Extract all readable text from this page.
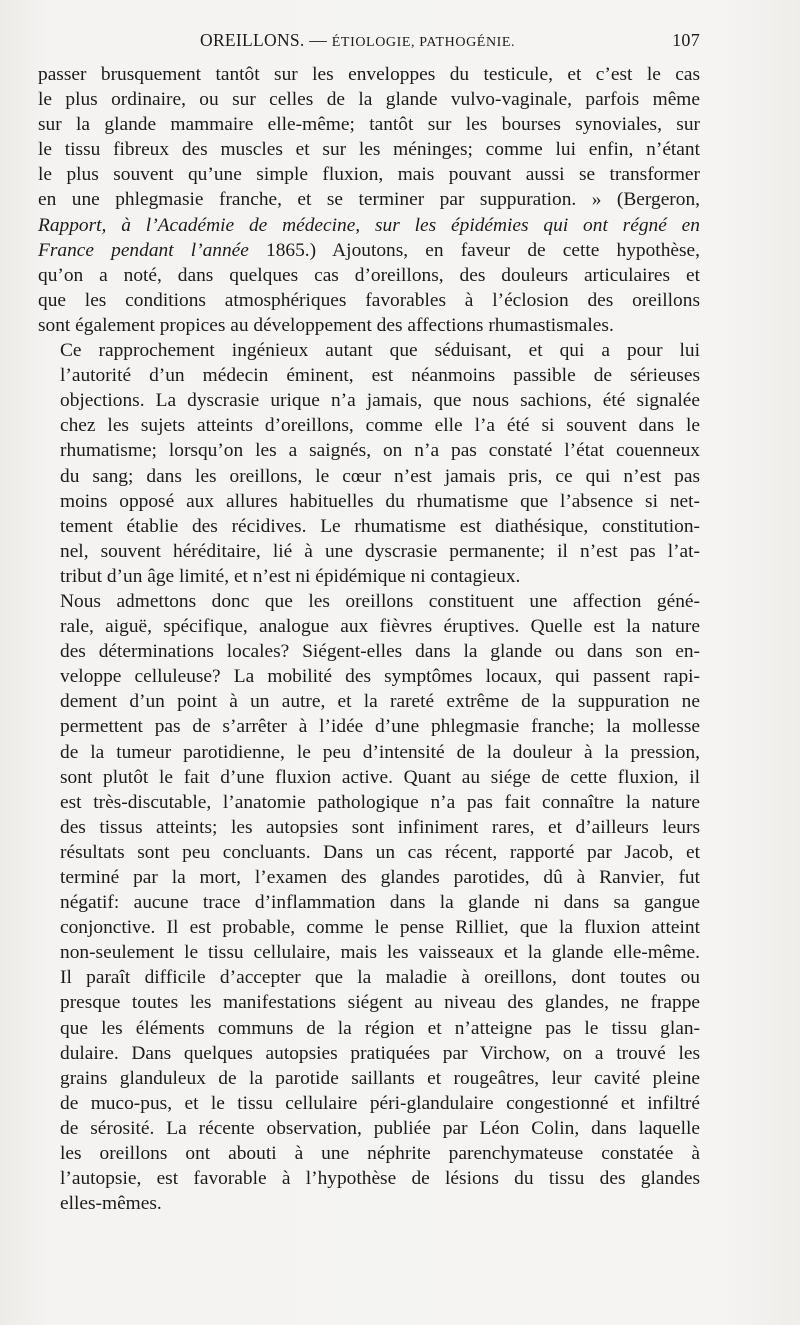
OREILLONS. — ÉTIOLOGIE, PATHOGÉNIE.	107
passer brusquement tantôt sur les enveloppes du testicule, et c’est le cas
le plus ordinaire, ou sur celles de la glande vulvo-vaginale, parfois même
sur la glande mammaire elle-même; tantôt sur les bourses synoviales, sur
le tissu fibreux des muscles et sur les méninges; comme lui enfin, n’étant
le plus souvent qu’une simple fluxion, mais pouvant aussi se transformer
en une phlegmasie franche, et se terminer par suppuration. » (Bergeron,
Rapport, à l’Académie de médecine, sur les épidémies qui ont régné en
France pendant l’année 1865.) Ajoutons, en faveur de cette hypothèse,
qu’on a noté, dans quelques cas d’oreillons, des douleurs articulaires et
que les conditions atmosphériques favorables à l’éclosion des oreillons
sont également propices au développement des affections rhumastismales.
Ce rapprochement ingénieux autant que séduisant, et qui a pour lui
l’autorité d’un médecin éminent, est néanmoins passible de sérieuses
objections. La dyscrasie urique n’a jamais, que nous sachions, été signalée
chez les sujets atteints d’oreillons, comme elle l’a été si souvent dans le
rhumatisme; lorsqu’on les a saignés, on n’a pas constaté l’état couenneux
du sang; dans les oreillons, le cœur n’est jamais pris, ce qui n’est pas
moins opposé aux allures habituelles du rhumatisme que l’absence si net-
tement établie des récidives. Le rhumatisme est diathésique, constitution-
nel, souvent héréditaire, lié à une dyscrasie permanente; il n’est pas l’at-
tribut d’un âge limité, et n’est ni épidémique ni contagieux.
Nous admettons donc que les oreillons constituent une affection géné-
rale, aiguë, spécifique, analogue aux fièvres éruptives. Quelle est la nature
des déterminations locales? Siégent-elles dans la glande ou dans son en-
veloppe celluleuse? La mobilité des symptômes locaux, qui passent rapi-
dement d’un point à un autre, et la rareté extrême de la suppuration ne
permettent pas de s’arrêter à l’idée d’une phlegmasie franche; la mollesse
de la tumeur parotidienne, le peu d’intensité de la douleur à la pression,
sont plutôt le fait d’une fluxion active. Quant au siége de cette fluxion, il
est très-discutable, l’anatomie pathologique n’a pas fait connaître la nature
des tissus atteints; les autopsies sont infiniment rares, et d’ailleurs leurs
résultats sont peu concluants. Dans un cas récent, rapporté par Jacob, et
terminé par la mort, l’examen des glandes parotides, dû à Ranvier, fut
négatif: aucune trace d’inflammation dans la glande ni dans sa gangue
conjonctive. Il est probable, comme le pense Rilliet, que la fluxion atteint
non-seulement le tissu cellulaire, mais les vaisseaux et la glande elle-même.
Il paraît difficile d’accepter que la maladie à oreillons, dont toutes ou
presque toutes les manifestations siégent au niveau des glandes, ne frappe
que les éléments communs de la région et n’atteigne pas le tissu glan-
dulaire. Dans quelques autopsies pratiquées par Virchow, on a trouvé les
grains glanduleux de la parotide saillants et rougeâtres, leur cavité pleine
de muco-pus, et le tissu cellulaire péri-glandulaire congestionné et infiltré
de sérosité. La récente observation, publiée par Léon Colin, dans laquelle
les oreillons ont abouti à une néphrite parenchymateuse constatée à
l’autopsie, est favorable à l’hypothèse de lésions du tissu des glandes
elles-mêmes.
